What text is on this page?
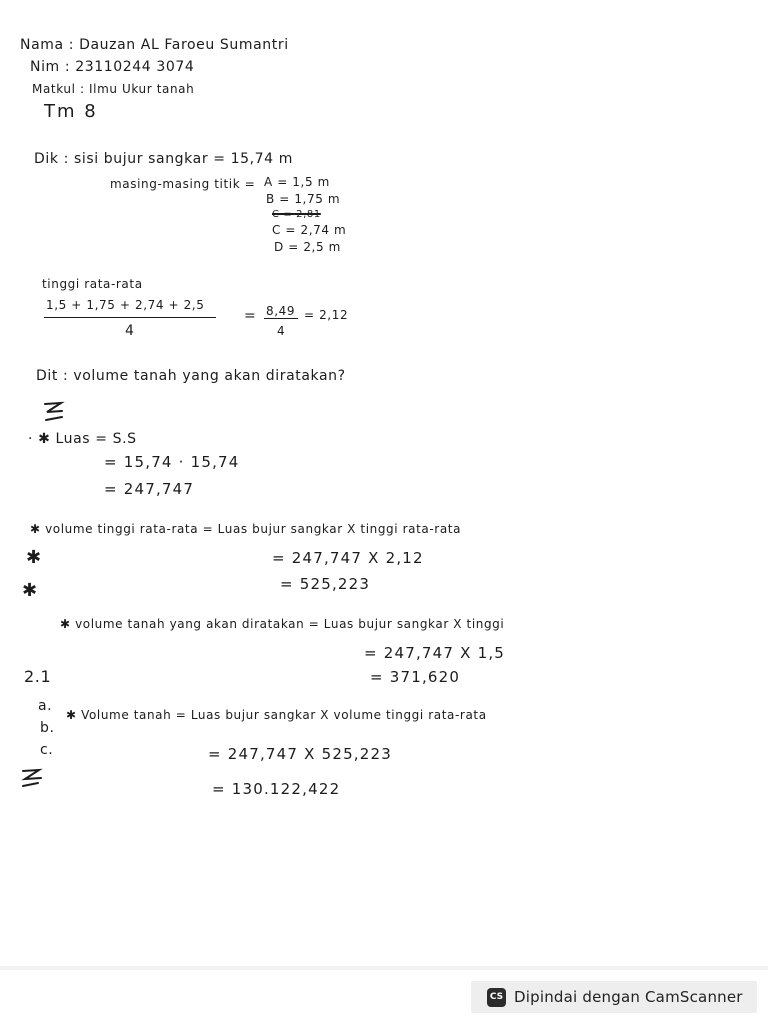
Nama : Dauzan AL Faroeu Sumantri
Nim : 23110244 3074
Matkul : Ilmu Ukur tanah
Tm 8
Dik : sisi bujur sangkar = 15,74 m
masing-masing titik = A = 1,5 m
B = 1,75 m
C = 2,81
C = 2,74 m
D = 2,5 m
tinggi rata-rata
1,5 + 1,75 + 2,74 + 2,5
4
= 8,49
4
= 2,12
Dit : volume tanah yang akan diratakan?
· ✱ Luas = S.S
= 15,74 · 15,74
= 247,747
✱ volume tinggi rata-rata = Luas bujur sangkar X tinggi rata-rata
✱	= 247,747 X 2,12
✱	= 525,223
✱ volume tanah yang akan diratakan = Luas bujur sangkar X tinggi
= 247,747 X 1,5
= 371,620
2.1
a.
b.
c.
✱ Volume tanah = Luas bujur sangkar X volume tinggi rata-rata
= 247,747 X 525,223
= 130.122,422
CS Dipindai dengan CamScanner
